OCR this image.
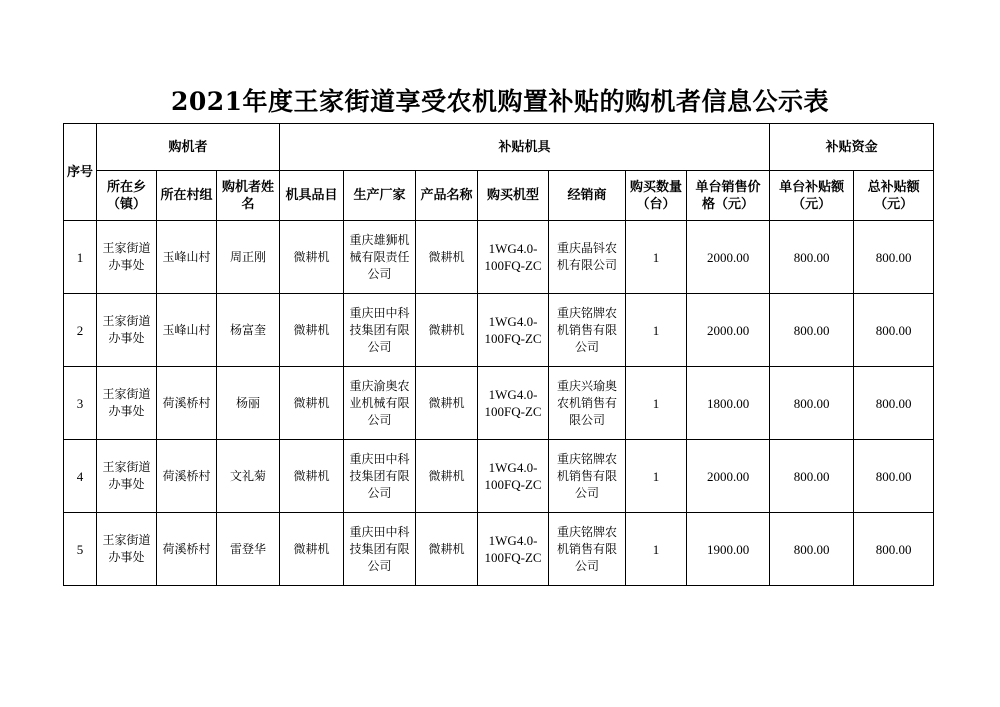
2021年度王家街道享受农机购置补贴的购机者信息公示表
序号	购机者			补贴机具							补贴资金	
	所在乡（镇）	所在村组	购机者姓名	机具品目	生产厂家	产品名称	购买机型	经销商	购买数量（台）	单台销售价格（元）	单台补贴额（元）	总补贴额（元）
1	王家街道办事处	玉峰山村	周正刚	微耕机	重庆雄狮机械有限责任公司	微耕机	1WG4.0-100FQ-ZC	重庆晶钭农机有限公司	1	2000.00	800.00	800.00
2	王家街道办事处	玉峰山村	杨富奎	微耕机	重庆田中科技集团有限公司	微耕机	1WG4.0-100FQ-ZC	重庆铭牌农机销售有限公司	1	2000.00	800.00	800.00
3	王家街道办事处	荷溪桥村	杨丽	微耕机	重庆渝奥农业机械有限公司	微耕机	1WG4.0-100FQ-ZC	重庆兴瑜奥农机销售有限公司	1	1800.00	800.00	800.00
4	王家街道办事处	荷溪桥村	文礼菊	微耕机	重庆田中科技集团有限公司	微耕机	1WG4.0-100FQ-ZC	重庆铭牌农机销售有限公司	1	2000.00	800.00	800.00
5	王家街道办事处	荷溪桥村	雷登华	微耕机	重庆田中科技集团有限公司	微耕机	1WG4.0-100FQ-ZC	重庆铭牌农机销售有限公司	1	1900.00	800.00	800.00
